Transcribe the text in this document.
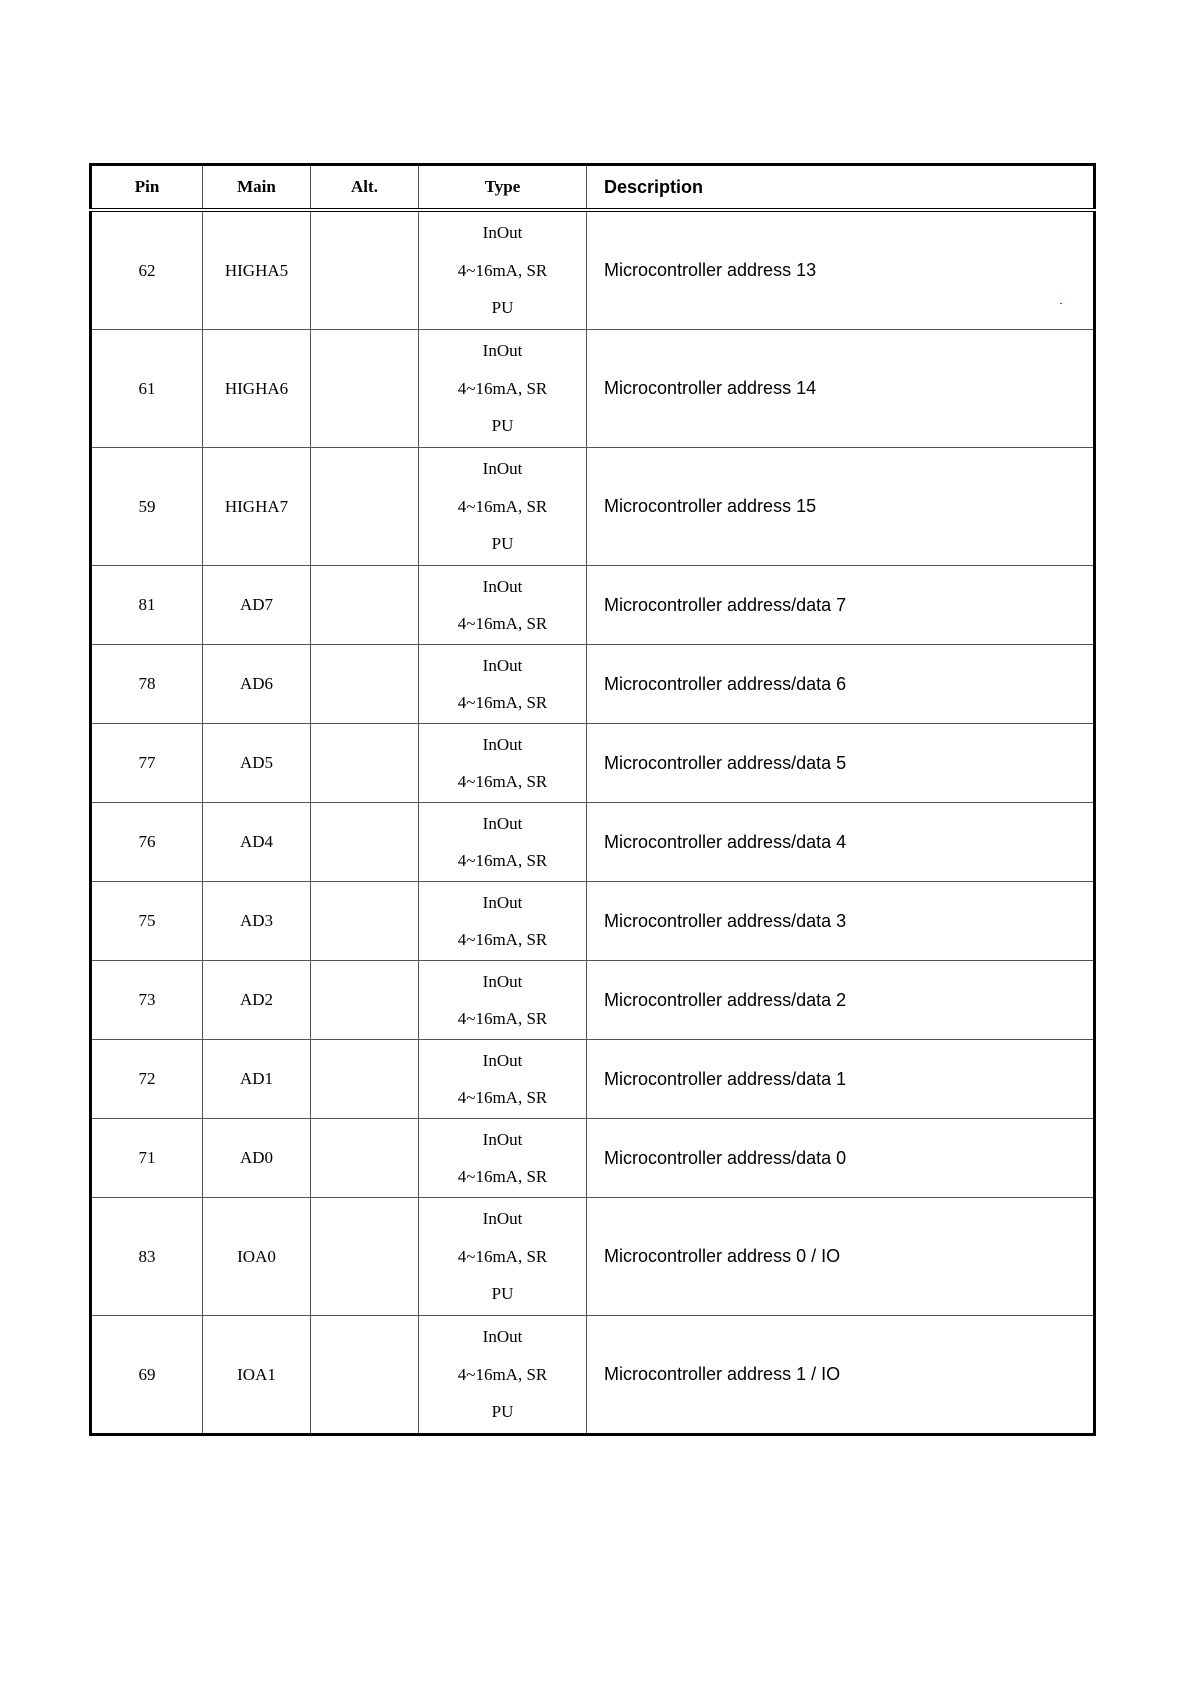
Pin	Main	Alt.	Type	Description
62	HIGHA5		InOut
4~16mA, SR
PU	Microcontroller address 13
61	HIGHA6		InOut
4~16mA, SR
PU	Microcontroller address 14
59	HIGHA7		InOut
4~16mA, SR
PU	Microcontroller address 15
81	AD7		InOut
4~16mA, SR	Microcontroller address/data 7
78	AD6		InOut
4~16mA, SR	Microcontroller address/data 6
77	AD5		InOut
4~16mA, SR	Microcontroller address/data 5
76	AD4		InOut
4~16mA, SR	Microcontroller address/data 4
75	AD3		InOut
4~16mA, SR	Microcontroller address/data 3
73	AD2		InOut
4~16mA, SR	Microcontroller address/data 2
72	AD1		InOut
4~16mA, SR	Microcontroller address/data 1
71	AD0		InOut
4~16mA, SR	Microcontroller address/data 0
83	IOA0		InOut
4~16mA, SR
PU	Microcontroller address 0 / IO
69	IOA1		InOut
4~16mA, SR
PU	Microcontroller address 1 / IO
